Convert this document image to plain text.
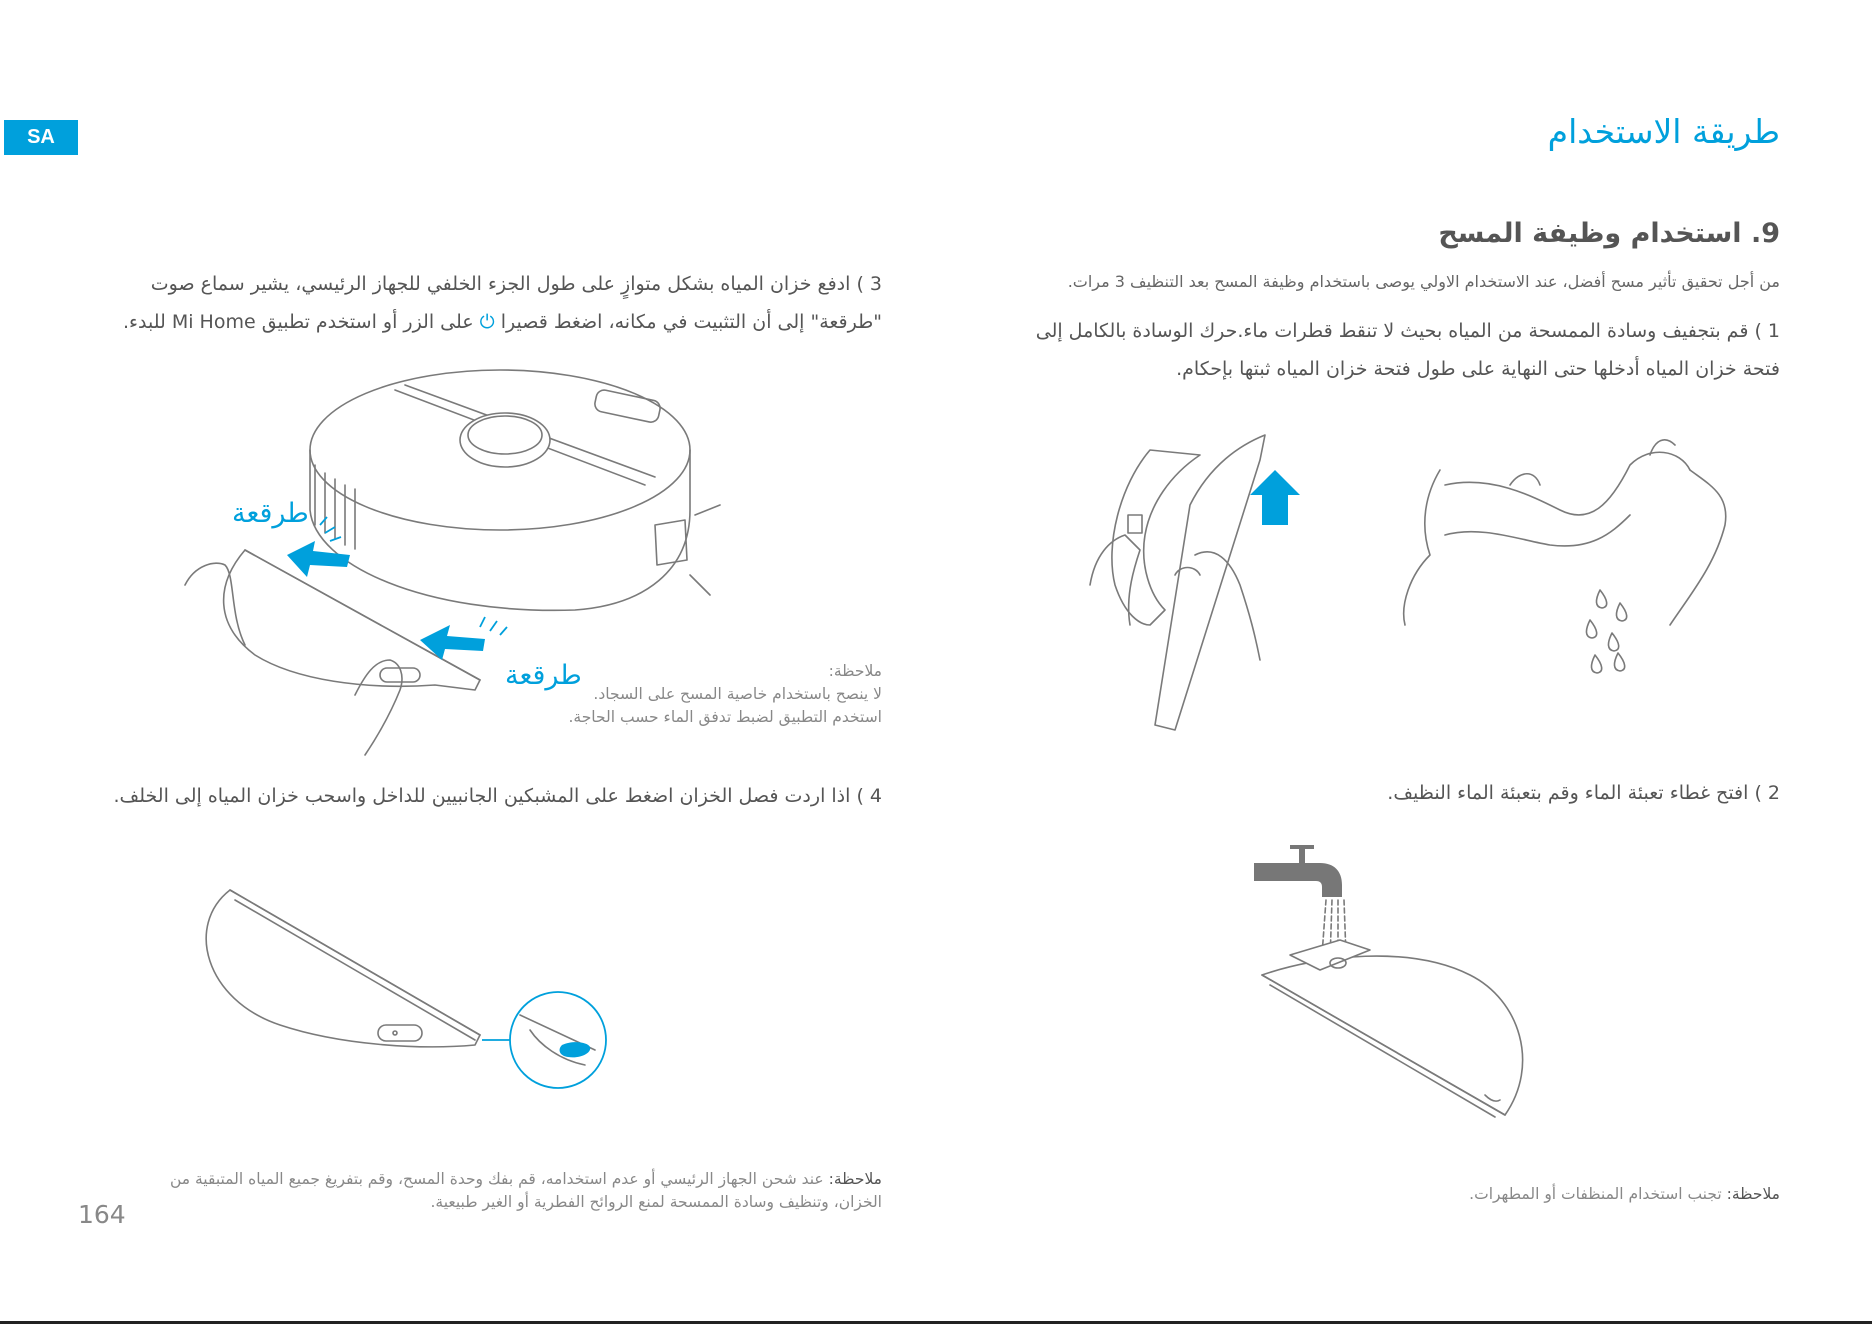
SA	طريقة الاستخدام
9. استخدام وظيفة المسح
من أجل تحقيق تأثير مسح أفضل، عند الاستخدام الاولي يوصى باستخدام وظيفة المسح بعد التنظيف 3 مرات.
1 ) قم بتجفيف وسادة الممسحة من المياه بحيث لا تنقط قطرات ماء.حرك الوسادة بالكامل إلى
فتحة خزان المياه أدخلها حتى النهاية على طول فتحة خزان المياه ثبتها بإحكام.
2 ) افتح غطاء تعبئة الماء وقم بتعبئة الماء النظيف.
3 ) ادفع خزان المياه بشكل متوازٍ على طول الجزء الخلفي للجهاز الرئيسي، يشير سماع صوت
"طرقعة" إلى أن التثبيت في مكانه، اضغط قصيرا ⏻ على الزر أو استخدم تطبيق Mi Home للبدء.
طرقعة
طرقعة	ملاحظة:
لا ينصح باستخدام خاصية المسح على السجاد.
استخدم التطبيق لضبط تدفق الماء حسب الحاجة.
4 ) اذا اردت فصل الخزان اضغط على المشبكين الجانبيين للداخل واسحب خزان المياه إلى الخلف.
ملاحظة: تجنب استخدام المنظفات أو المطهرات.
ملاحظة: عند شحن الجهاز الرئيسي أو عدم استخدامه، قم بفك وحدة المسح، وقم بتفريغ جميع المياه المتبقية من
الخزان، وتنظيف وسادة الممسحة لمنع الروائح الفطرية أو الغير طبيعية.
164
